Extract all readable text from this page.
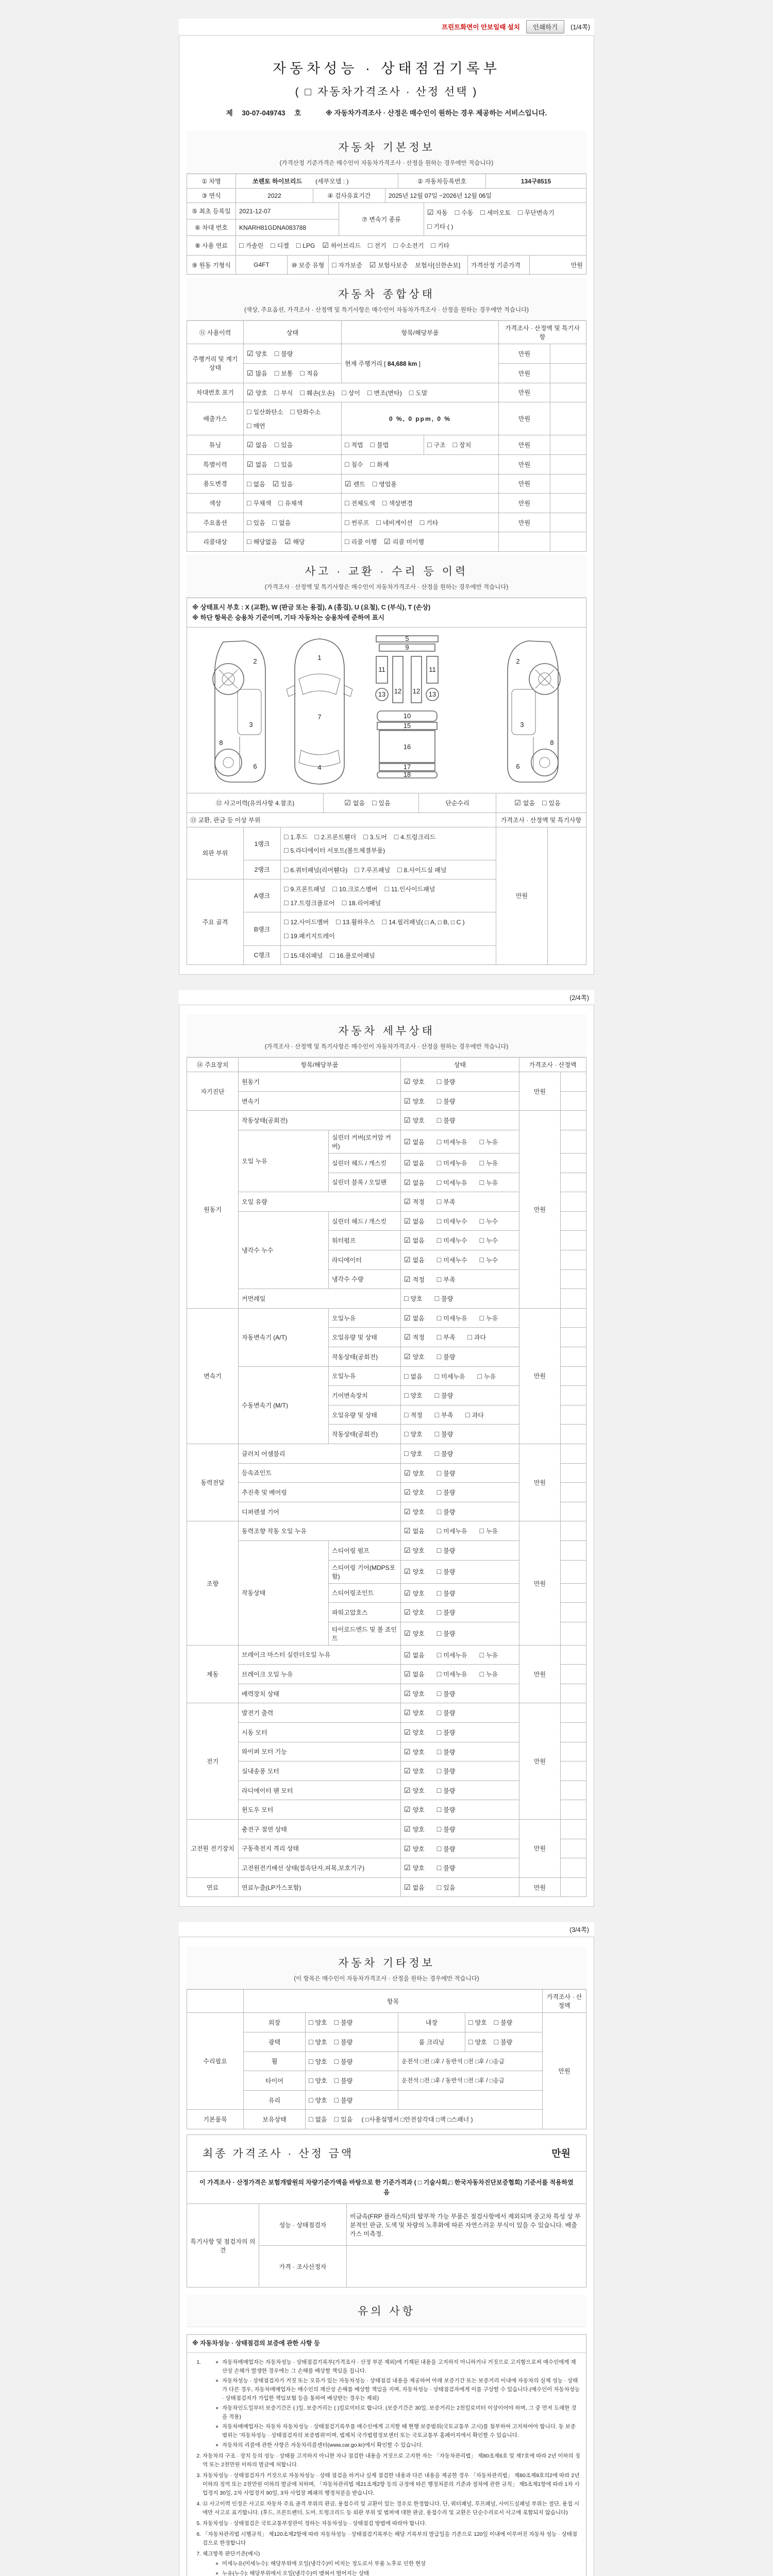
프린트화면이 안보일때 설치	인쇄하기	(1/4쪽)
자동차성능 · 상태점검기록부
( □ 자동차가격조사 · 산정 선택 )
제 30-07-049743 호	※ 자동차가격조사 · 산정은 매수인이 원하는 경우 제공하는 서비스입니다.
자동차 기본정보
(가격산정 기준가격은 매수인이 자동차가격조사 · 산정을 원하는 경우에만 적습니다)
① 차명	쏘렌토 하이브리드 (세부모델 : )	② 자동차등록번호	134구8515
③ 연식	2022	④ 검사유효기간	2025년 12월 07일 ~2026년 12월 06일
⑤ 최초 등록일	2021-12-07	⑦ 변속기 종류	☑ 자동 □ 수동 □ 세미오토 □ 무단변속기□ 기타 ( )
⑥ 차대 번호	KNARH81GDNA083788		
⑧ 사용 연료	□ 가솔린 □ 디젤 □ LPG ☑ 하이브리드 □ 전기 □ 수소전기 □ 기타
⑨ 원동 기형식	G4FT	⑩ 보증 유형	□ 자가보증 ☑ 보험사보증 보험사[신한손보]	가격산정 기준가격	만원
자동차 종합상태
(색상, 주요옵션, 가격조사 · 산정액 및 특기사항은 매수인이 자동차가격조사 · 산정을 원하는 경우에만 적습니다)
⑪ 사용이력	상태	항목/해당부품		가격조사 · 산정액 및 특기사 항	
주행거리 및 계기상태	☑ 양호 □ 불량	현재 주행거리 [ 84,688 km ]		만원	
	☑ 많음 □ 보통 □ 적음			만원	
차대번호 표기	☑ 양호 □ 부식 □ 훼손(오손) □ 상이 □ 변조(변타) □ 도말			만원	
배출가스	□ 일산화탄소 □ 탄화수소□ 매연	0 %, 0 ppm, 0 %		만원	
튜닝	☑ 없음 □ 있음	□ 적법 □ 불법	□ 구조 □ 장치	만원	
특별이력	☑ 없음 □ 있음	□ 침수 □ 화재		만원	
용도변경	□ 없음 ☑ 있음	☑ 렌트 □ 영업용		만원	
색상	□ 무채색 □ 유채색	□ 전체도색 □ 색상변경		만원	
주요옵션	□ 있음 □ 없음	□ 썬루프 □ 네비게이션 □ 기타		만원	
리콜대상	□ 해당없음 ☑ 해당	□ 리콜 이행 ☑ 리콜 미이행			
사고 · 교환 · 수리 등 이력
(가격조사 · 산정액 및 특기사항은 매수인이 자동차가격조사 · 산정을 원하는 경우에만 적습니다)
※ 상태표시 부호 : X (교환), W (판금 또는 용접), A (흠집), U (요철), C (부식), T (손상)
※ 하단 항목은 승용차 기준이며, 기타 자동차는 승용차에 준하여 표시
2
3
8
6
1
7
4
5
9
11	11
12 12
13	13
10
15
16
17
18
2
3
8
6
⑫ 사고이력(유의사항 4.참조)	☑ 없음 □ 있음	단순수리	☑ 없음 □ 있음
⑬ 교환, 판금 등 이상 부위			가격조사 · 산정액 및 특기사항	
외판 부위	1랭크	□ 1.후드 □ 2.프론트휀더 □ 3.도어 □ 4.트렁크리드□ 5.라디에이터 서포트(볼트체결부품)	만원	
	2랭크	□ 6.쿼터패널(리어휀다) □ 7.루프패널 □ 8.사이드실 패널		
주요 골격	A랭크	□ 9.프론트패널 □ 10.크로스멤버 □ 11.인사이드패널□ 17.트렁크플로어 □ 18.리어패널		
	B랭크	□ 12.사이드멤버 □ 13.휠하우스 □ 14.필러패널( □ A, □ B, □ C )□ 19.패키지트레이		
	C랭크	□ 15.대쉬패널 □ 16.플로어패널		
(2/4쪽)
자동차 세부상태
(가격조사 · 산정액 및 특기사항은 매수인이 자동차가격조사 · 산정을 원하는 경우에만 적습니다)
⑭ 주요장치	항목/해당부품		상태	가격조사 · 산정액	
자기진단	원동기		☑ 양호 □ 불량	만원	
	변속기		☑ 양호 □ 불량		
원동기	작동상태(공회전)		☑ 양호 □ 불량	만원	
	오일 누유	실린더 커버(로커암 커버)	☑ 없음 □ 미세누유 □ 누유		
		실린더 헤드 / 개스킷	☑ 없음 □ 미세누유 □ 누유		
		실린더 블록 / 오일팬	☑ 없음 □ 미세누유 □ 누유		
	오일 유량		☑ 적정 □ 부족		
	냉각수 누수	실린더 헤드 / 개스킷	☑ 없음 □ 미세누수 □ 누수		
		워터펌프	☑ 없음 □ 미세누수 □ 누수		
		라디에이터	☑ 없음 □ 미세누수 □ 누수		
		냉각수 수량	☑ 적정 □ 부족		
	커먼레일		□ 양호 □ 불량		
변속기	자동변속기 (A/T)	오일누유	☑ 없음 □ 미세누유 □ 누유	만원	
		오일유량 및 상태	☑ 적정 □ 부족 □ 과다		
		작동상태(공회전)	☑ 양호 □ 불량		
	수동변속기 (M/T)	오일누유	□ 없음 □ 미세누유 □ 누유		
		기어변속장치	□ 양호 □ 불량		
		오일유량 및 상태	□ 적정 □ 부족 □ 과다		
		작동상태(공회전)	□ 양호 □ 불량		
동력전달	클러치 어셈블리		□ 양호 □ 불량	만원	
	등속죠인트		☑ 양호 □ 불량		
	추진축 및 베어링		☑ 양호 □ 불량		
	디퍼렌셜 기어		☑ 양호 □ 불량		
조향	동력조향 작동 오일 누유		☑ 없음 □ 미세누유 □ 누유	만원	
	작동상태	스티어링 펌프	☑ 양호 □ 불량		
		스티어링 기어(MDPS포함)	☑ 양호 □ 불량		
		스티어링조인트	☑ 양호 □ 불량		
		파워고압호스	☑ 양호 □ 불량		
		타이로드엔드 및 볼 죠인트	☑ 양호 □ 불량		
제동	브레이크 마스터 실린더오일 누유		☑ 없음 □ 미세누유 □ 누유	만원	
	브레이크 오일 누유		☑ 없음 □ 미세누유 □ 누유		
	배력장치 상태		☑ 양호 □ 불량		
전기	발전기 출력		☑ 양호 □ 불량	만원	
	시동 모터		☑ 양호 □ 불량		
	와이퍼 모터 기능		☑ 양호 □ 불량		
	실내송풍 모터		☑ 양호 □ 불량		
	라디에이터 팬 모터		☑ 양호 □ 불량		
	윈도우 모터		☑ 양호 □ 불량		
고전원 전기장치	충전구 절연 상태		☑ 양호 □ 불량	만원	
	구동축전지 격리 상태		☑ 양호 □ 불량		
	고전원전기배선 상태(접속단자,피복,보호기구)		☑ 양호 □ 불량		
연료	연료누출(LP가스포함)		☑ 없음 □ 있음	만원	
(3/4쪽)
자동차 기타정보
(이 항목은 매수인이 자동차가격조사 · 산정을 원하는 경우에만 적습니다)
	항목				가격조사 · 산 정액
수리필요	외장	□ 양호 □ 불량	내장	□ 양호 □ 불량	만원
	광택	□ 양호 □ 불량	룸 크리닝	□ 양호 □ 불량	
	휠	□ 양호 □ 불량	운전석 □전 □후 / 동반석 □전 □후 / □응급		
	타이어	□ 양호 □ 불량	운전석 □전 □후 / 동반석 □전 □후 / □응급		
	유리	□ 양호 □ 불량			
기본품목	보유상태	□ 없음 □ 있음 ( □사용설명서 □안전삼각대 □잭 □스패너 )			
최종 가격조사 · 산정 금액	만원
이 가격조사 · 산정가격은 보험개발원의 차량기준가액을 바탕으로 한 기준가격과 ( □ 기술사회,□ 한국자동차진단보증협회) 기준서를 적용하였음
특기사항 및 점검자의 의견	성능 · 상태점검자	비금속(FRP 플라스틱)의 탈부착 가능 부품은 점검사항에서 제외되며 중고차 특성 상 부분적인 판금, 도색 및 차량의 노후화에 따른 자연스러운 부식이 있을 수 있습니다. 배출가스 미측정.
	가격 · 조사산정자	
유의 사항
※ 자동차성능 · 상태점검의 보증에 관한 사항 등
1. 자동차매매업자는 자동차성능 · 상태점검기록부(가격조사 · 산정 부분 제외)에 기재된 내용을 고지하지 아니하거나 거짓으로 고지함으로써 매수인에게 재산상 손해가 발생한 경우에는 그 손해를 배상할 책임을 집니다.
자동차성능 · 상태점검자가 거짓 또는 오류가 있는 자동차성능 · 상태점검 내용을 제공하여 아래 보증기간 또는 보증거리 이내에 자동차의 실제 성능 · 상태가 다른 경우, 자동차매매업자는 매수인의 재산상 손해를 배상할 책임을 지며, 자동차성능 · 상태점검자에게 이를 구상할 수 있습니다.(매수인이 자동차성능 · 상태점검자가 가입한 책임보험 등을 통하여 배상받는 경우는 제외)
자동차인도일부터 보증기간은 ( )일, 보증거리는 ( )킬로미터로 합니다. (보증기간은 30일, 보증거리는 2천킬로미터 이상이어야 하며, 그 중 먼저 도래한 것을 적용)
자동차매매업자는 자동차 자동차성능 · 상태점검기록부를 매수인에게 고지할 때 현행 보증범위(국토교통부 고시)를 첨부하여 고지하여야 합니다. 동 보증범위는 '자동차성능 · 상태점검자의 보증범위'이며, 법제처 국가법령정보센터 또는 국토교통부 홈페이지에서 확인할 수 있습니다.
자동차의 리콜에 관한 사항은 자동차리콜센터(www.car.go.kr)에서 확인할 수 있습니다.
2. 자동차의 구조 · 장치 등의 성능 · 상태를 고지하지 아니한 자나 점검한 내용을 거짓으로 고지한 자는 「자동차관리법」 제80조제6호 및 제7호에 따라 2년 이하의 징역 또는 2천만원 이하의 벌금에 처합니다.
3. 자동차성능 · 상태점검자가 거짓으로 자동차성능 · 상태 점검을 하거나 실제 점검한 내용과 다른 내용을 제공한 경우 「자동차관리법」 제80조제9호의2에 따라 2년 이하의 징역 또는 2천만원 이하의 벌금에 처하며, 「자동차관리법 제21조제2항 등의 규정에 따른 행정처분의 기준과 절차에 관한 규칙」 제5조제1항에 따라 1차 사업정지 30일, 2차 사업정지 90일, 3차 사업장 폐쇄의 행정처분을 받습니다.
4. ⑫ 사고이력 인정은 사고로 자동차 주요 골격 부위의 판금, 용접수리 및 교환이 있는 경우로 한정합니다. 단, 쿼터패널, 루프패널, 사이드실패널 부위는 절단, 용접 시에만 사고로 표기합니다. (후드, 프론트펜더, 도어, 트렁크리드 등 외판 부위 및 범퍼에 대한 판금, 용접수리 및 교환은 단순수리로서 사고에 포함되지 않습니다)
5. 자동차성능 · 상태점검은 국토교통부장관이 정하는 자동차성능 · 상태점검 방법에 따라야 합니다.
6. 「자동차관리법 시행규칙」 제120조제2항에 따라 자동차성능 · 상태점검기록부는 해당 기록부의 발급일을 기준으로 120일 이내에 이루어진 자동차 성능 · 상태점검으로 한정합니다
7. 체크항목 판단기준(예시)
미세누유(미세누수): 해당부위에 오일(냉각수)이 비치는 정도로서 부품 노후로 인한 현상
누유(누수): 해당부위에서 오일(냉각수)이 맺혀서 떨어지는 상태
